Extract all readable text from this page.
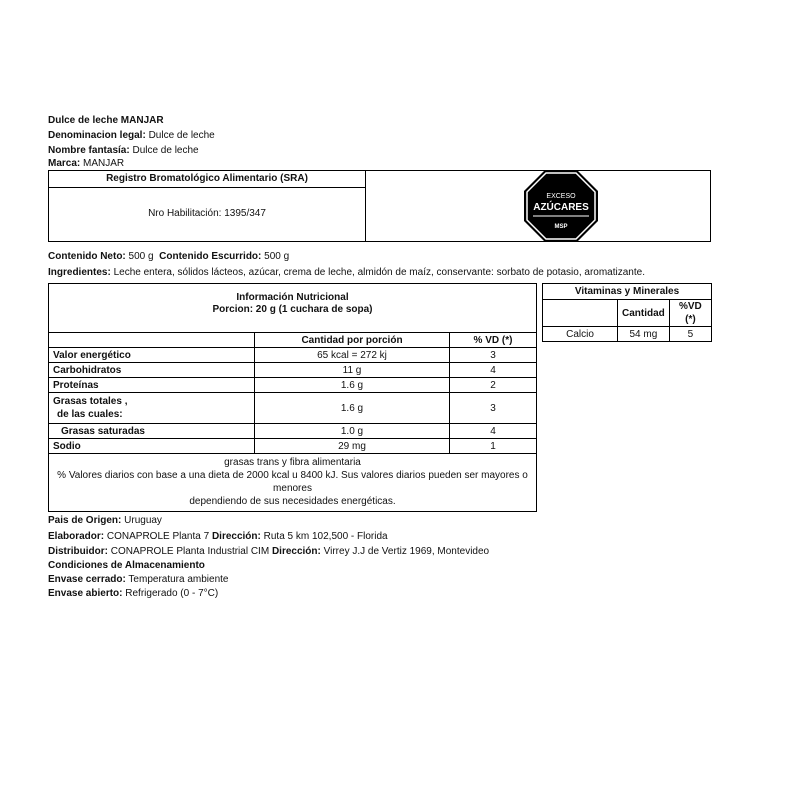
Dulce de leche MANJAR
Denominacion legal: Dulce de leche
Nombre fantasía: Dulce de leche
Marca: MANJAR
Registro Bromatológico Alimentario (SRA)
Nro Habilitación: 1395/347
EXCESO
AZÚCARES
MSP
Contenido Neto: 500 g Contenido Escurrido: 500 g
Ingredientes: Leche entera, sólidos lácteos, azúcar, crema de leche, almidón de maíz, conservante: sorbato de potasio, aromatizante.
Información Nutricional
Porcion: 20 g (1 cuchara de sopa)		

	Cantidad por porción	% VD (*)
Valor energético	65 kcal = 272 kj	3
Carbohidratos	11 g	4
Proteínas	1.6 g	2

Grasas totales ,
de las cuales:	1.6 g	3
Grasas saturadas	1.0 g	4
Sodio	29 mg	1

grasas trans y fibra alimentaria
% Valores diarios con base a una dieta de 2000 kcal u 8400 kJ. Sus valores diarios pueden ser mayores o menores
dependiendo de sus necesidades energéticas.		
Vitaminas y Minerales		
	Cantidad	%VD (*)
Calcio	54 mg	5
Pais de Origen: Uruguay
Elaborador: CONAPROLE Planta 7 Dirección: Ruta 5 km 102,500 - Florida
Distribuidor: CONAPROLE Planta Industrial CIM Dirección: Virrey J.J de Vertiz 1969, Montevideo
Condiciones de Almacenamiento
Envase cerrado: Temperatura ambiente
Envase abierto: Refrigerado (0 - 7°C)
